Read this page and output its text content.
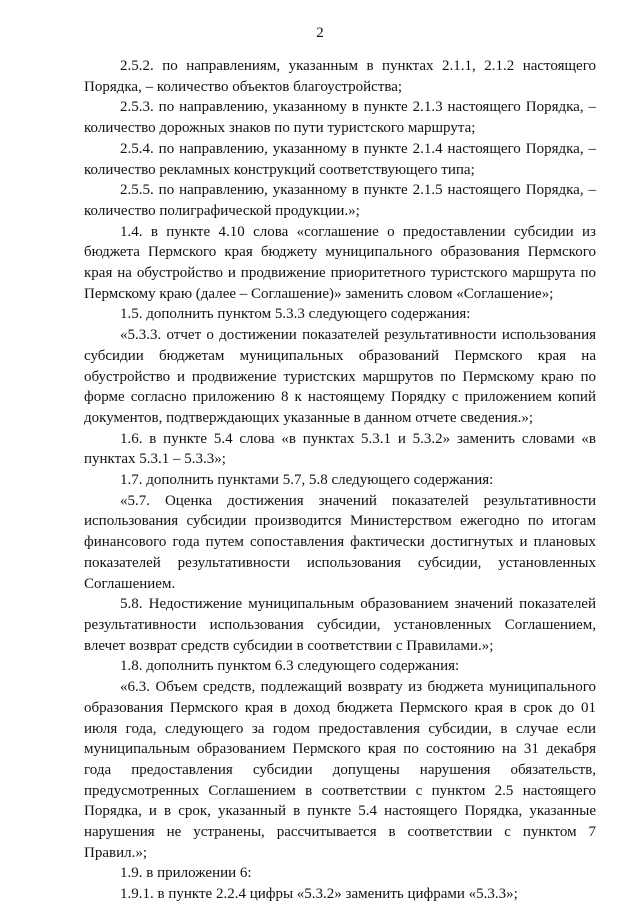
2

2.5.2. по направлениям, указанным в пунктах 2.1.1, 2.1.2 настоящего Порядка, – количество объектов благоустройства;

2.5.3. по направлению, указанному в пункте 2.1.3 настоящего Порядка, – количество дорожных знаков по пути туристского маршрута;

2.5.4. по направлению, указанному в пункте 2.1.4 настоящего Порядка, – количество рекламных конструкций соответствующего типа;

2.5.5. по направлению, указанному в пункте 2.1.5 настоящего Порядка, – количество полиграфической продукции.»;

1.4. в пункте 4.10 слова «соглашение о предоставлении субсидии из бюджета Пермского края бюджету муниципального образования Пермского края на обустройство и продвижение приоритетного туристского маршрута по Пермскому краю (далее – Соглашение)» заменить словом «Соглашение»;

1.5. дополнить пунктом 5.3.3 следующего содержания:

«5.3.3. отчет о достижении показателей результативности использования субсидии бюджетам муниципальных образований Пермского края на обустройство и продвижение туристских маршрутов по Пермскому краю по форме согласно приложению 8 к настоящему Порядку с приложением копий документов, подтверждающих указанные в данном отчете сведения.»;

1.6. в пункте 5.4 слова «в пунктах 5.3.1 и 5.3.2» заменить словами «в пунктах 5.3.1 – 5.3.3»;

1.7. дополнить пунктами 5.7, 5.8 следующего содержания:

«5.7. Оценка достижения значений показателей результативности использования субсидии производится Министерством ежегодно по итогам финансового года путем сопоставления фактически достигнутых и плановых показателей результативности использования субсидии, установленных Соглашением.

5.8. Недостижение муниципальным образованием значений показателей результативности использования субсидии, установленных Соглашением, влечет возврат средств субсидии в соответствии с Правилами.»;

1.8. дополнить пунктом 6.3 следующего содержания:

«6.3. Объем средств, подлежащий возврату из бюджета муниципального образования Пермского края в доход бюджета Пермского края в срок до 01 июля года, следующего за годом предоставления субсидии, в случае если муниципальным образованием Пермского края по состоянию на 31 декабря года предоставления субсидии допущены нарушения обязательств, предусмотренных Соглашением в соответствии с пунктом 2.5 настоящего Порядка, и в срок, указанный в пункте 5.4 настоящего Порядка, указанные нарушения не устранены, рассчитывается в соответствии с пунктом 7 Правил.»;

1.9. в приложении 6:

1.9.1. в пункте 2.2.4 цифры «5.3.2» заменить цифрами «5.3.3»;
